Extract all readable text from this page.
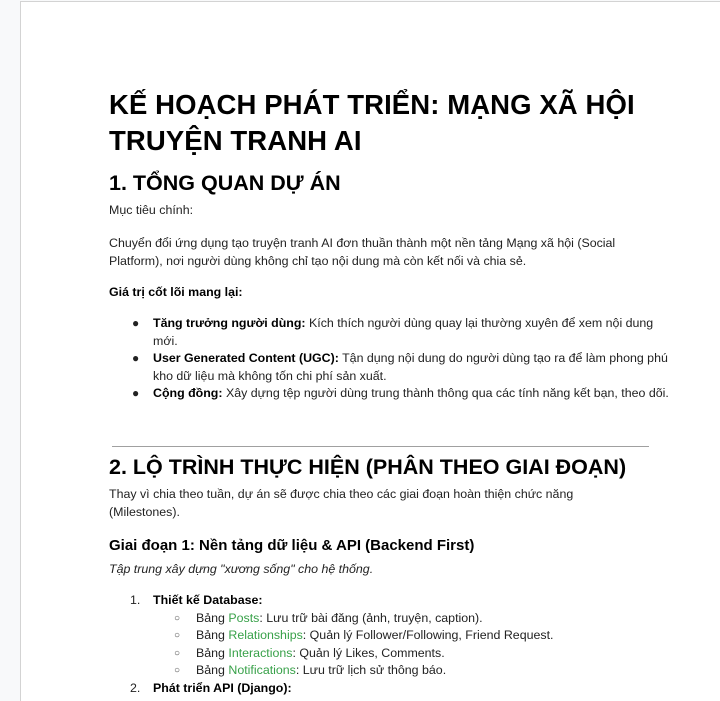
KẾ HOẠCH PHÁT TRIỂN: MẠNG XÃ HỘI TRUYỆN TRANH AI
1. TỔNG QUAN DỰ ÁN

Mục tiêu chính:

Chuyển đổi ứng dụng tạo truyện tranh AI đơn thuần thành một nền tảng Mạng xã hội (Social Platform), nơi người dùng không chỉ tạo nội dung mà còn kết nối và chia sẻ.

Giá trị cốt lõi mang lại:

● Tăng trưởng người dùng: Kích thích người dùng quay lại thường xuyên để xem nội dung mới.
● User Generated Content (UGC): Tận dụng nội dung do người dùng tạo ra để làm phong phú kho dữ liệu mà không tốn chi phí sản xuất.
● Cộng đồng: Xây dựng tệp người dùng trung thành thông qua các tính năng kết bạn, theo dõi.
2. LỘ TRÌNH THỰC HIỆN (PHÂN THEO GIAI ĐOẠN)

Thay vì chia theo tuần, dự án sẽ được chia theo các giai đoạn hoàn thiện chức năng (Milestones).

Giai đoạn 1: Nền tảng dữ liệu & API (Backend First)

Tập trung xây dựng "xương sống" cho hệ thống.

1. Thiết kế Database:
○ Bảng Posts: Lưu trữ bài đăng (ảnh, truyện, caption).
○ Bảng Relationships: Quản lý Follower/Following, Friend Request.
○ Bảng Interactions: Quản lý Likes, Comments.
○ Bảng Notifications: Lưu trữ lịch sử thông báo.
2. Phát triển API (Django):
